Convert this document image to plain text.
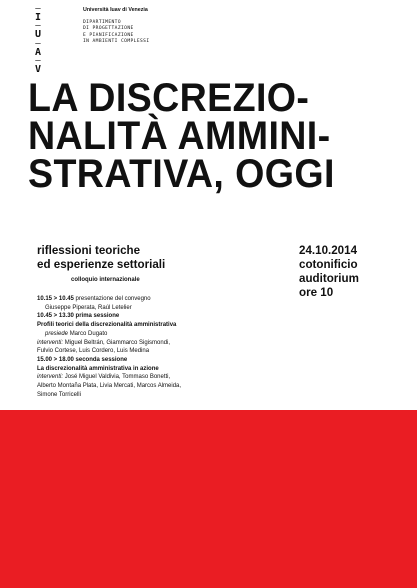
–
I
–
U
–
A
–
V
Università Iuav di Venezia
DIPARTIMENTO
DI PROGETTAZIONE
E PIANIFICAZIONE
IN AMBIENTI COMPLESSI
LA DISCREZIO-
NALITÀ AMMINI-
STRATIVA, OGGI
riflessioni teoriche
ed esperienze settoriali
colloquio internazionale
24.10.2014
cotonificio
auditorium
ore 10
10.15 > 10.45 presentazione del convegno
Giuseppe Piperata, Raúl Letelier
10.45 > 13.30 prima sessione
Profili teorici della discrezionalità amministrativa
presiede Marco Dugato
interventi: Miguel Beltrán, Giammarco Sigismondi,
Fulvio Cortese, Luis Cordero, Luis Medina
15.00 > 18.00 seconda sessione
La discrezionalità amministrativa in azione
interventi: José Miguel Valdivia, Tommaso Bonetti,
Alberto Montaña Plata, Livia Mercati, Marcos Almeida,
Simone Torricelli
